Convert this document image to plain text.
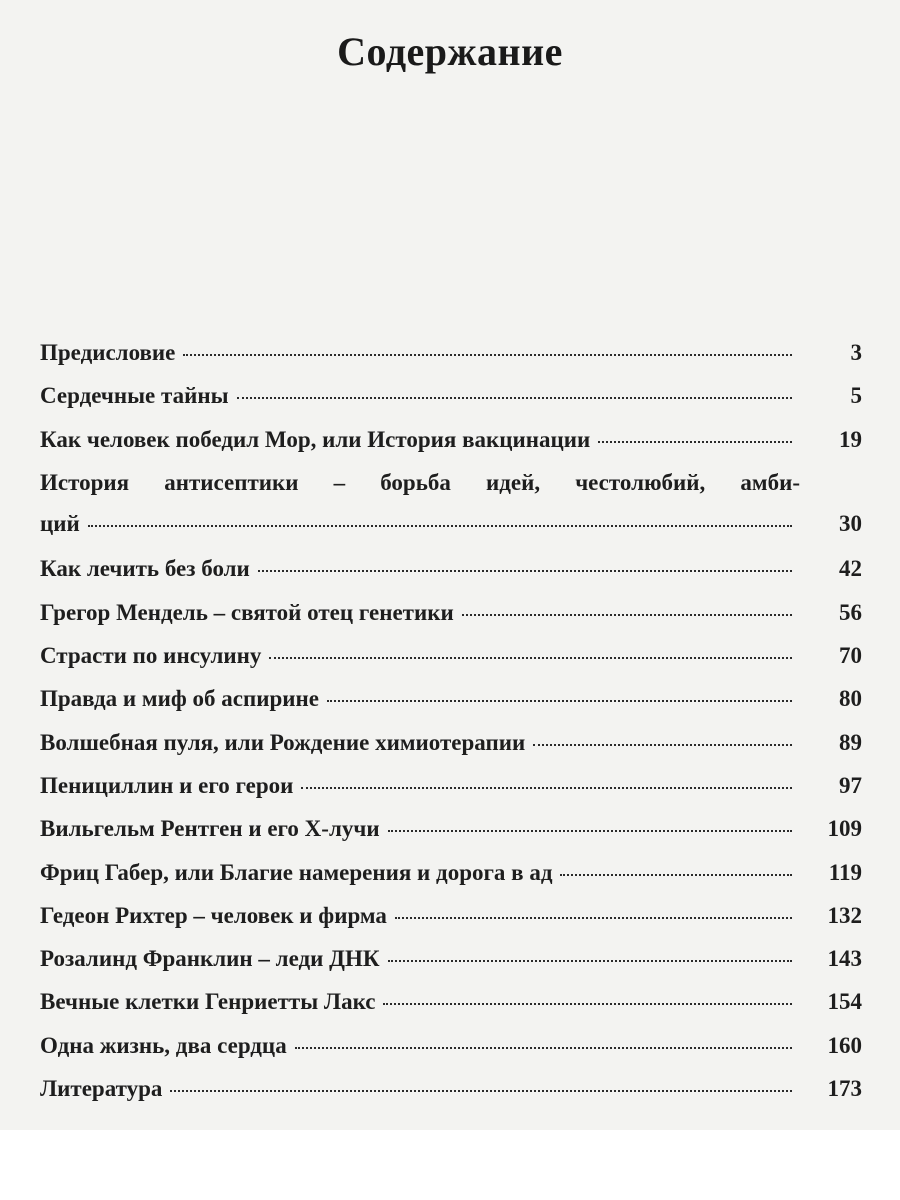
Содержание
Предисловие	3
Сердечные тайны	5
Как человек победил Мор, или История вакцинации	19
История антисептики – борьба идей, честолюбий, амби-
ций	30
Как лечить без боли	42
Грегор Мендель – святой отец генетики	56
Страсти по инсулину	70
Правда и миф об аспирине	80
Волшебная пуля, или Рождение химиотерапии	89
Пенициллин и его герои	97
Вильгельм Рентген и его X-лучи	109
Фриц Габер, или Благие намерения и дорога в ад	119
Гедеон Рихтер – человек и фирма	132
Розалинд Франклин – леди ДНК	143
Вечные клетки Генриетты Лакс	154
Одна жизнь, два сердца	160
Литература	173
